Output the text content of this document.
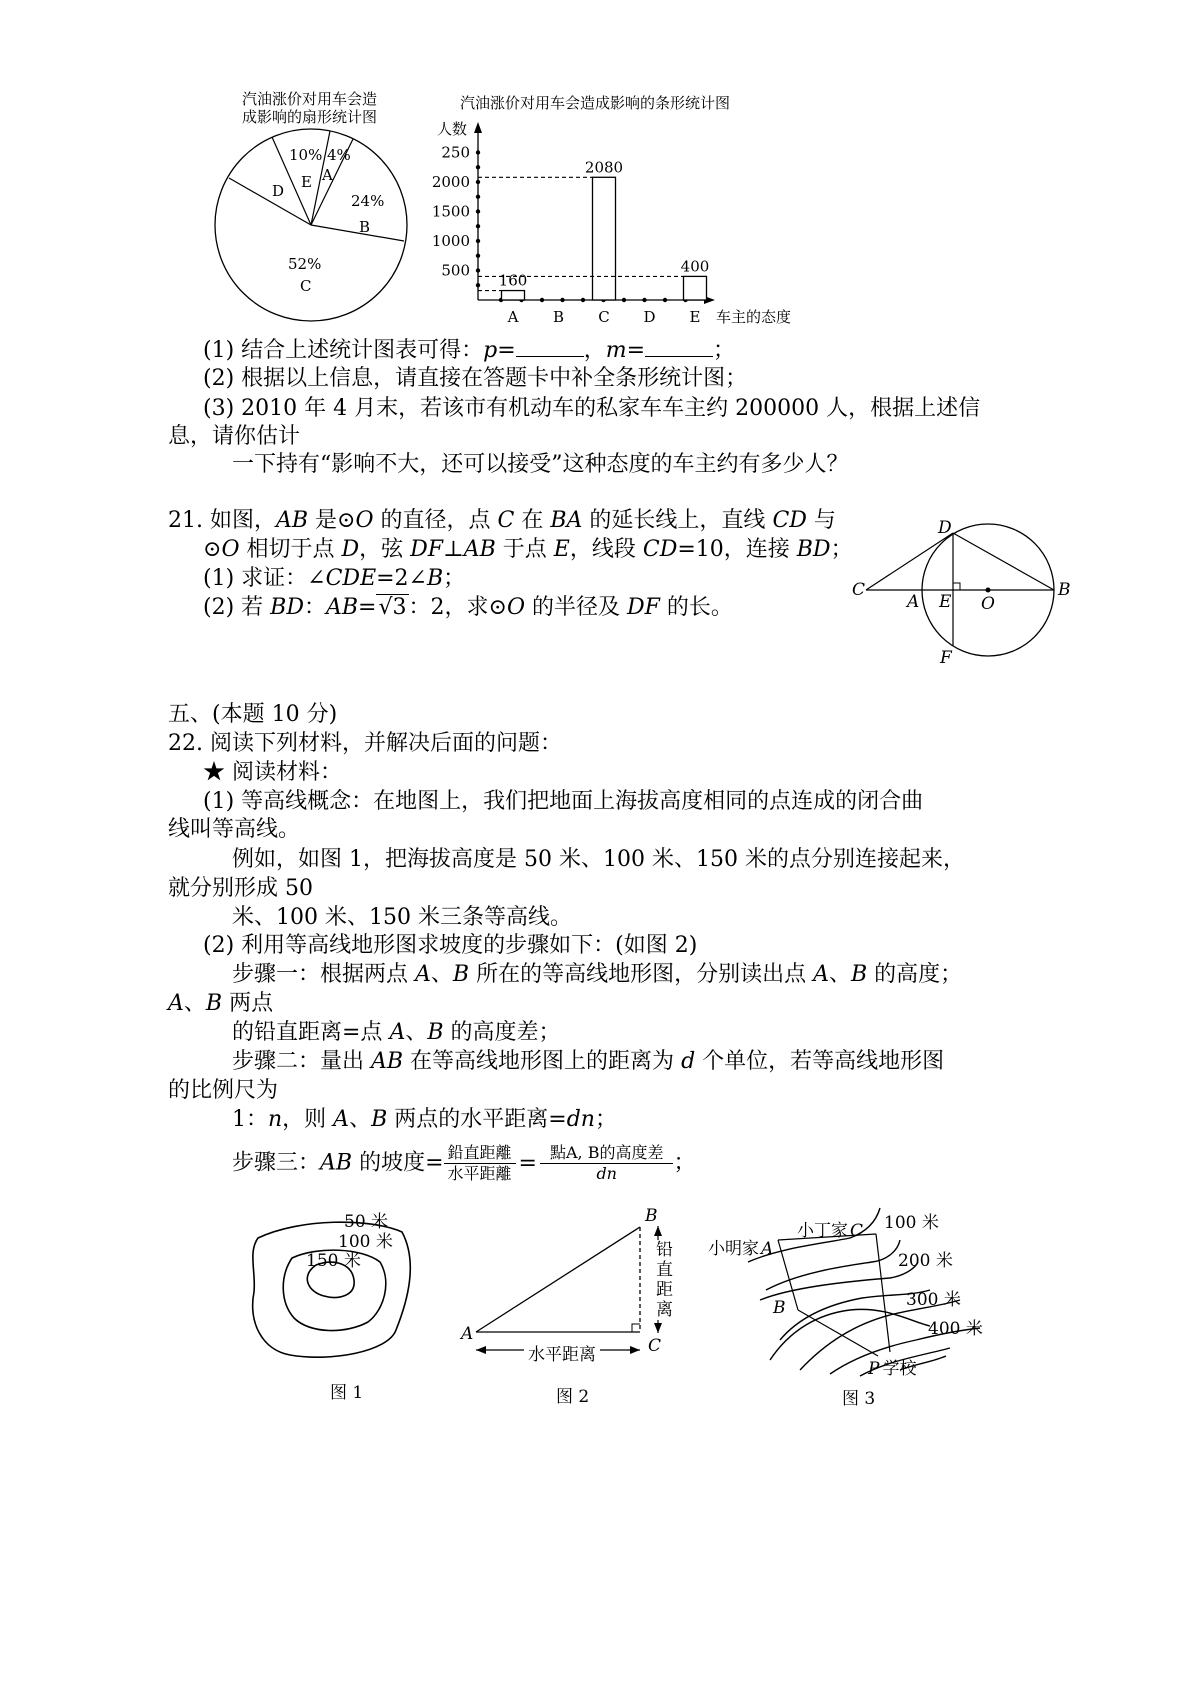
汽油涨价对用车会造
成影响的扇形统计图
10% 4%
E A
D
24%
B
52%
C
汽油涨价对用车会造成影响的条形统计图
人数
车主的态度
500
1000
1500
2000
250
160
2080
400
A B C D E
(1) 结合上述统计图表可得：p=	，m=	；
(2) 根据以上信息，请直接在答题卡中补全条形统计图；
(3) 2010 年 4 月末，若该市有机动车的私家车车主约 200000 人，根据上述信
息，请你估计
一下持有“影响不大，还可以接受”这种态度的车主约有多少人？
21. 如图，AB 是⊙O 的直径，点 C 在 BA 的延长线上，直线 CD 与
⊙O 相切于点 D，弦 DF⊥AB 于点 E，线段 CD=10，连接 BD；
(1) 求证：∠CDE=2∠B；
(2) 若 BD：AB=√3：2，求⊙O 的半径及 DF 的长。
C
A E O
B
D
F
五、(本题 10 分)
22. 阅读下列材料，并解决后面的问题：
★ 阅读材料：
(1) 等高线概念：在地图上，我们把地面上海拔高度相同的点连成的闭合曲
线叫等高线。
例如，如图 1，把海拔高度是 50 米、100 米、150 米的点分别连接起来，
就分别形成 50
米、100 米、150 米三条等高线。
(2) 利用等高线地形图求坡度的步骤如下：(如图 2)
步骤一：根据两点 A、B 所在的等高线地形图，分别读出点 A、B 的高度；
A、B 两点
的铅直距离=点 A、B 的高度差；
步骤二：量出 AB 在等高线地形图上的距离为 d 个单位，若等高线地形图
的比例尺为
1：n，则 A、B 两点的水平距离=dn；
步骤三：AB 的坡度= $\frac{\text{鉛直距離}}{\text{水平距離}} = \frac{\text{點A, B的高度差}}{dn}$ ；
50 米
100 米
150 米
图 1
B
A
C
铅直距离
水平距离
图 2
小丁家 C
小明家 A
B
P 学校
100 米
200 米
300 米
400 米
图 3
